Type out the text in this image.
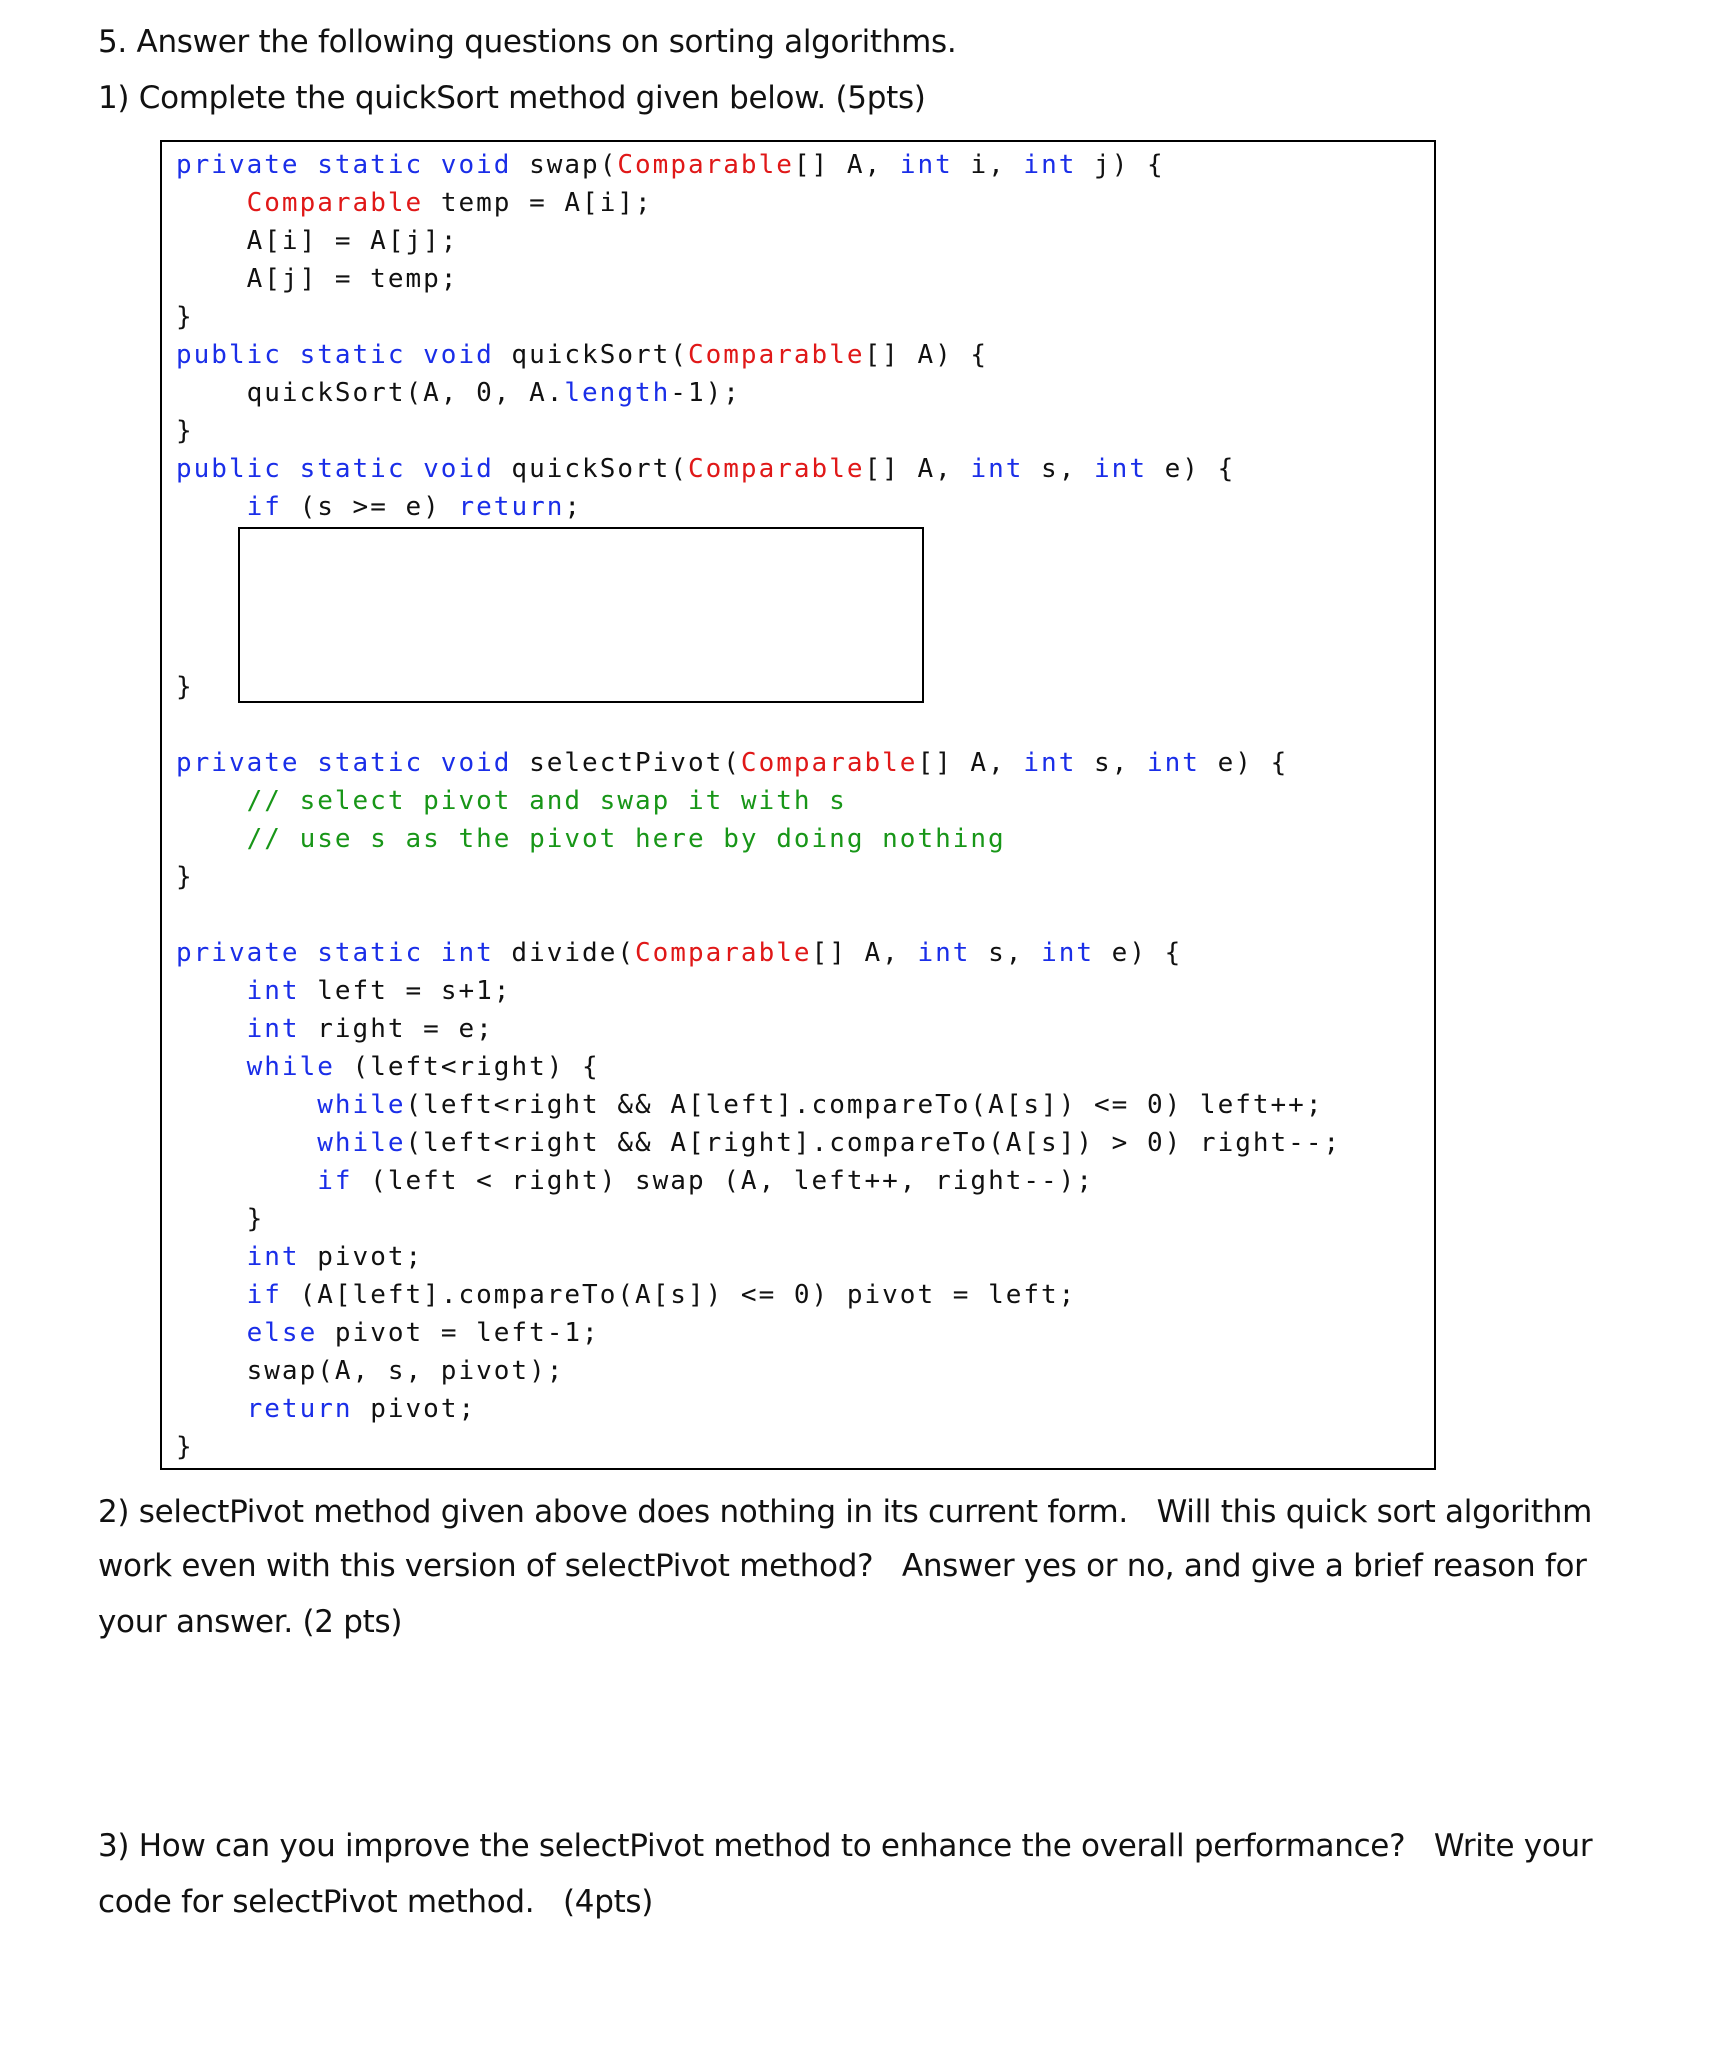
5. Answer the following questions on sorting algorithms.
1) Complete the quickSort method given below. (5pts)
private static void swap(Comparable[] A, int i, int j) {
Comparable temp = A[i];
A[i] = A[j];
A[j] = temp;
}
public static void quickSort(Comparable[] A) {
quickSort(A, 0, A.length-1);
}
public static void quickSort(Comparable[] A, int s, int e) {
if (s >= e) return;
}
private static void selectPivot(Comparable[] A, int s, int e) {
// select pivot and swap it with s
// use s as the pivot here by doing nothing
}
private static int divide(Comparable[] A, int s, int e) {
int left = s+1;
int right = e;
while (left<right) {
while(left<right && A[left].compareTo(A[s]) <= 0) left++;
while(left<right && A[right].compareTo(A[s]) > 0) right--;
if (left < right) swap (A, left++, right--);
}
int pivot;
if (A[left].compareTo(A[s]) <= 0) pivot = left;
else pivot = left-1;
swap(A, s, pivot);
return pivot;
}
2) selectPivot method given above does nothing in its current form.   Will this quick sort algorithm
work even with this version of selectPivot method?   Answer yes or no, and give a brief reason for
your answer. (2 pts)
3) How can you improve the selectPivot method to enhance the overall performance?   Write your
code for selectPivot method.   (4pts)
